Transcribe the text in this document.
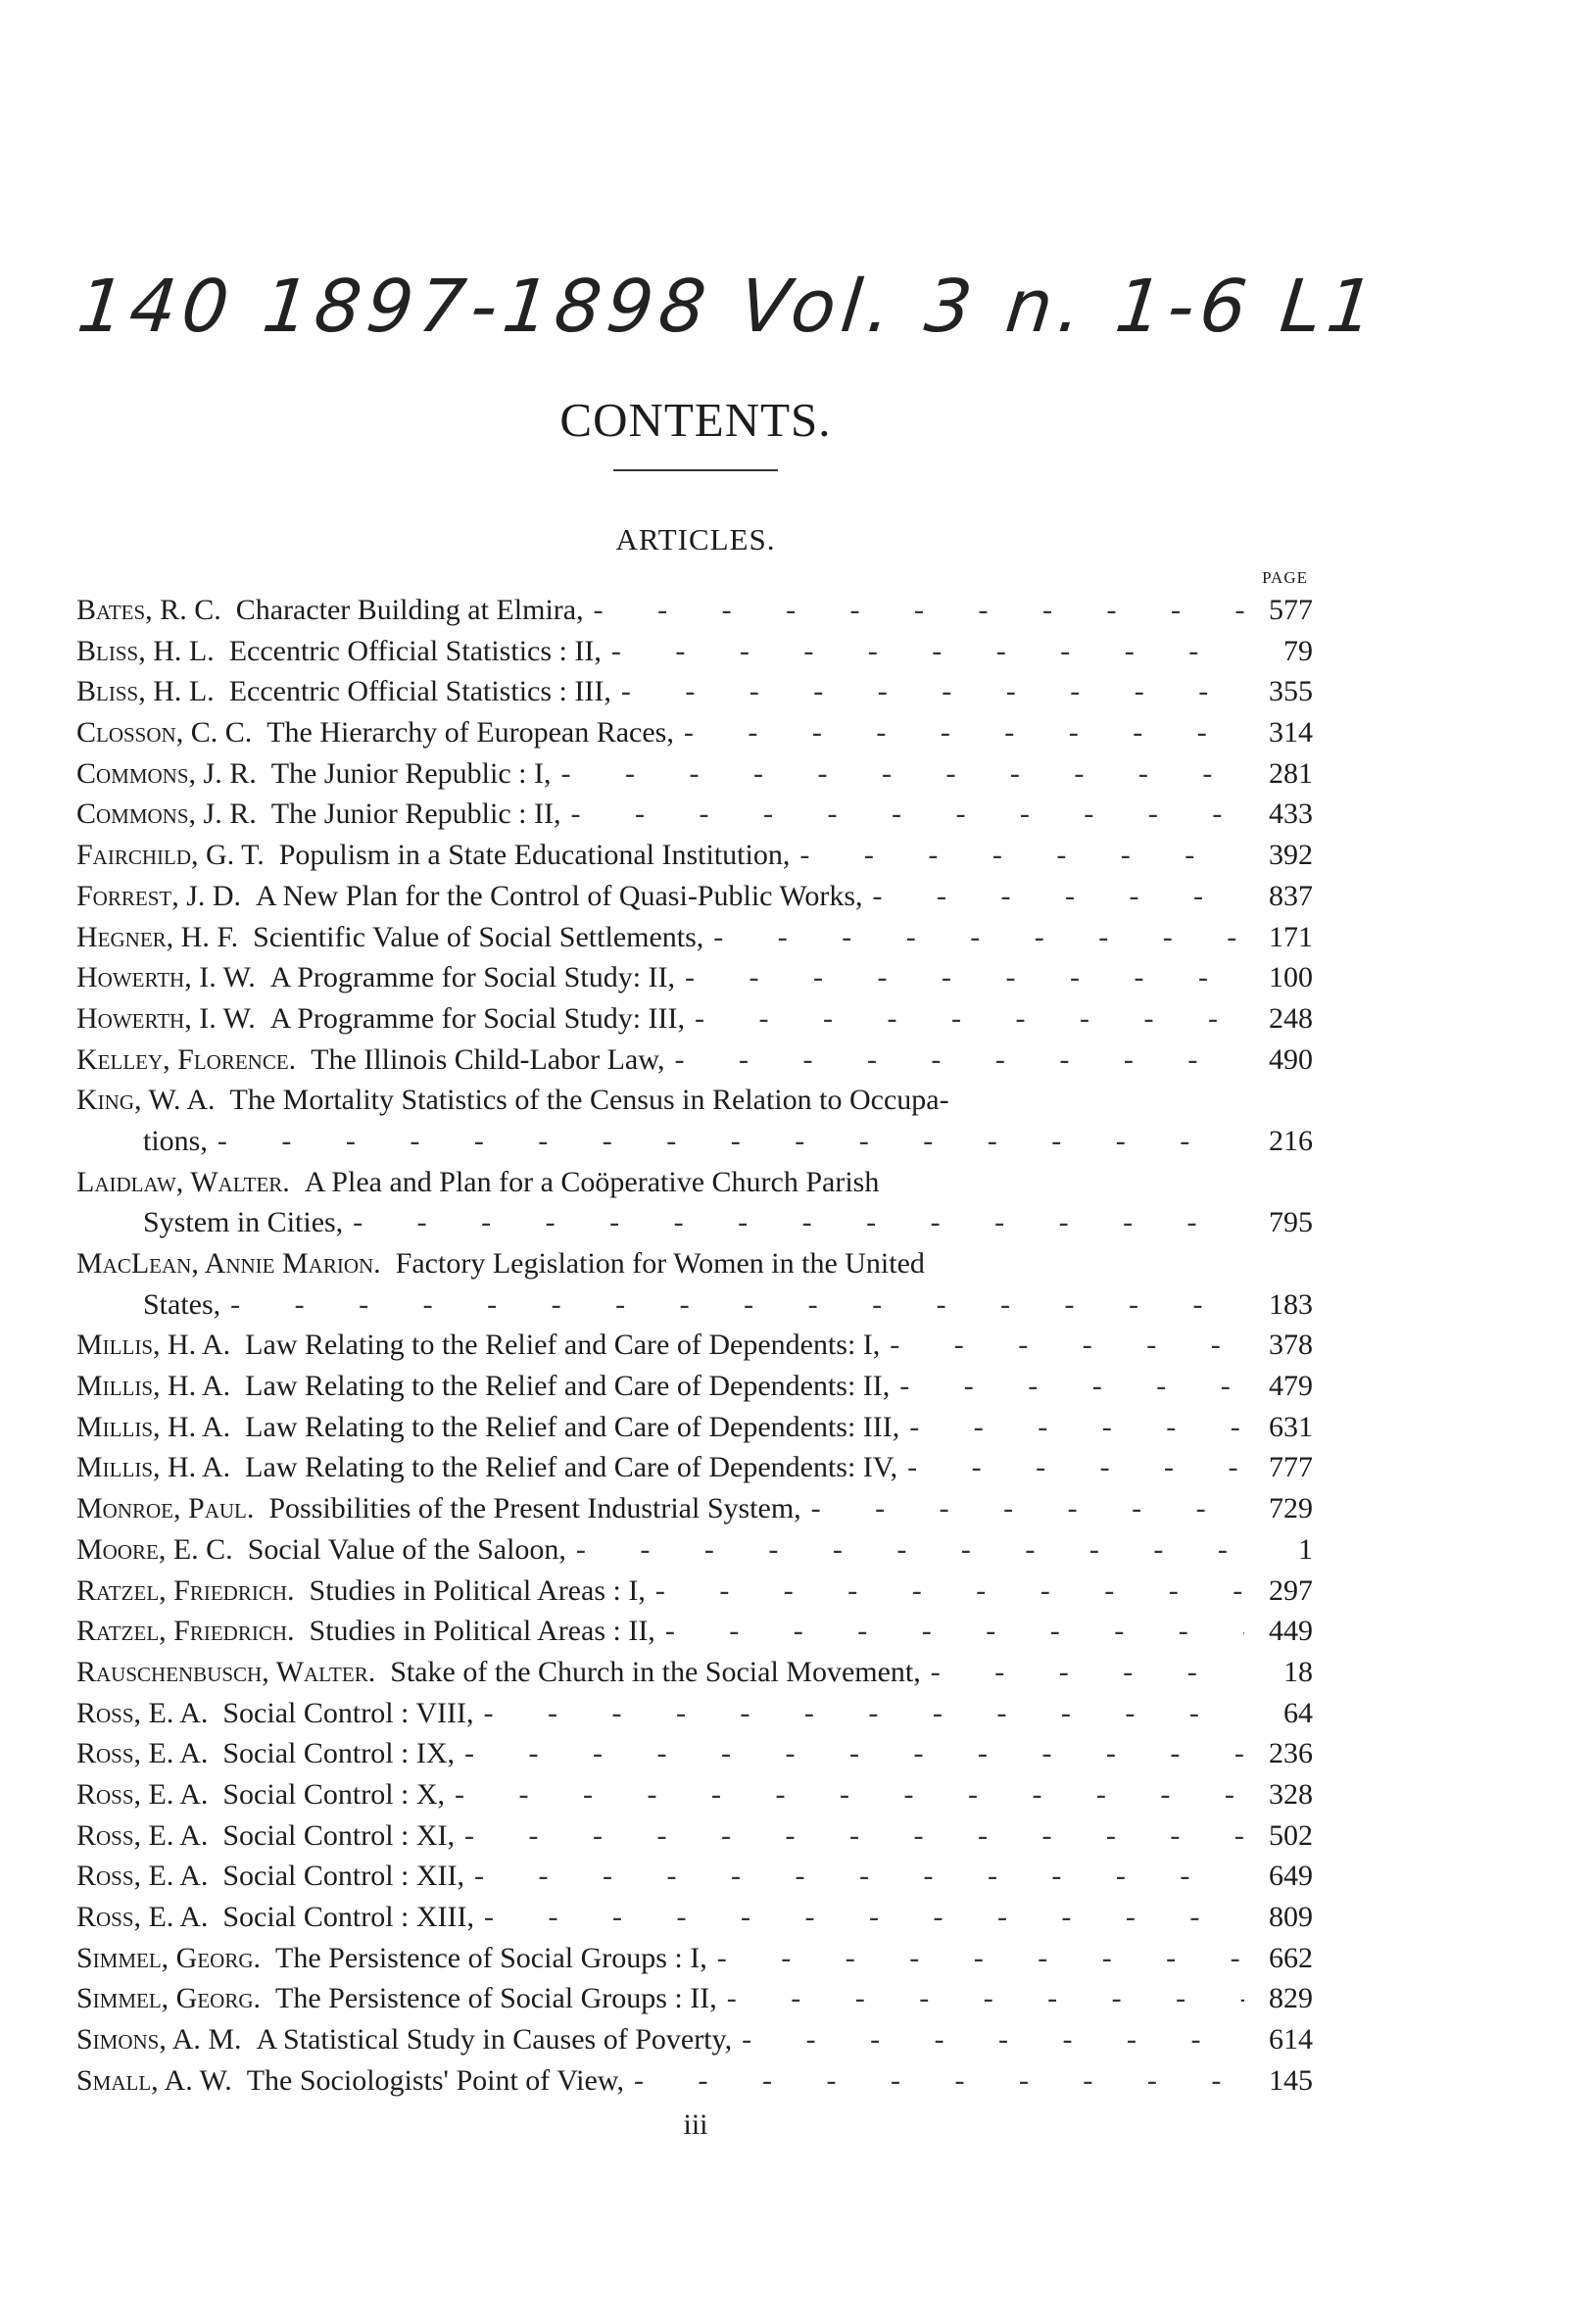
140 1897-1898 Vol. 3 n. 1-6 L1
CONTENTS.
ARTICLES.
PAGE
Bates, R. C. Character Building at Elmira, - - -	577
Bliss, H. L. Eccentric Official Statistics : II, - - -	79
Bliss, H. L. Eccentric Official Statistics : III, - - -	355
Closson, C. C. The Hierarchy of European Races, - - -	314
Commons, J. R. The Junior Republic : I, - - -	281
Commons, J. R. The Junior Republic : II, - - -	433
Fairchild, G. T. Populism in a State Educational Institution, - - -	392
Forrest, J. D. A New Plan for the Control of Quasi-Public Works, - - -	837
Hegner, H. F. Scientific Value of Social Settlements, - - -	171
Howerth, I. W. A Programme for Social Study: II, - - -	100
Howerth, I. W. A Programme for Social Study: III, - - -	248
Kelley, Florence. The Illinois Child-Labor Law, - - -	490
King, W. A. The Mortality Statistics of the Census in Relation to Occupa-
tions, - - -	216
Laidlaw, Walter. A Plea and Plan for a Coöperative Church Parish
System in Cities, - - -	795
MacLean, Annie Marion. Factory Legislation for Women in the United
States, - - -	183
Millis, H. A. Law Relating to the Relief and Care of Dependents: I, - - -	378
Millis, H. A. Law Relating to the Relief and Care of Dependents: II, - - -	479
Millis, H. A. Law Relating to the Relief and Care of Dependents: III, - - -	631
Millis, H. A. Law Relating to the Relief and Care of Dependents: IV, - - -	777
Monroe, Paul. Possibilities of the Present Industrial System, - - -	729
Moore, E. C. Social Value of the Saloon, - - -	1
Ratzel, Friedrich. Studies in Political Areas : I, - - -	297
Ratzel, Friedrich. Studies in Political Areas : II, - - -	449
Rauschenbusch, Walter. Stake of the Church in the Social Movement, - - -	18
Ross, E. A. Social Control : VIII, - - -	64
Ross, E. A. Social Control : IX, - - -	236
Ross, E. A. Social Control : X, - - -	328
Ross, E. A. Social Control : XI, - - -	502
Ross, E. A. Social Control : XII, - - -	649
Ross, E. A. Social Control : XIII, - - -	809
Simmel, Georg. The Persistence of Social Groups : I, - - -	662
Simmel, Georg. The Persistence of Social Groups : II, - - -	829
Simons, A. M. A Statistical Study in Causes of Poverty, - - -	614
Small, A. W. The Sociologists' Point of View, - - -	145
iii
